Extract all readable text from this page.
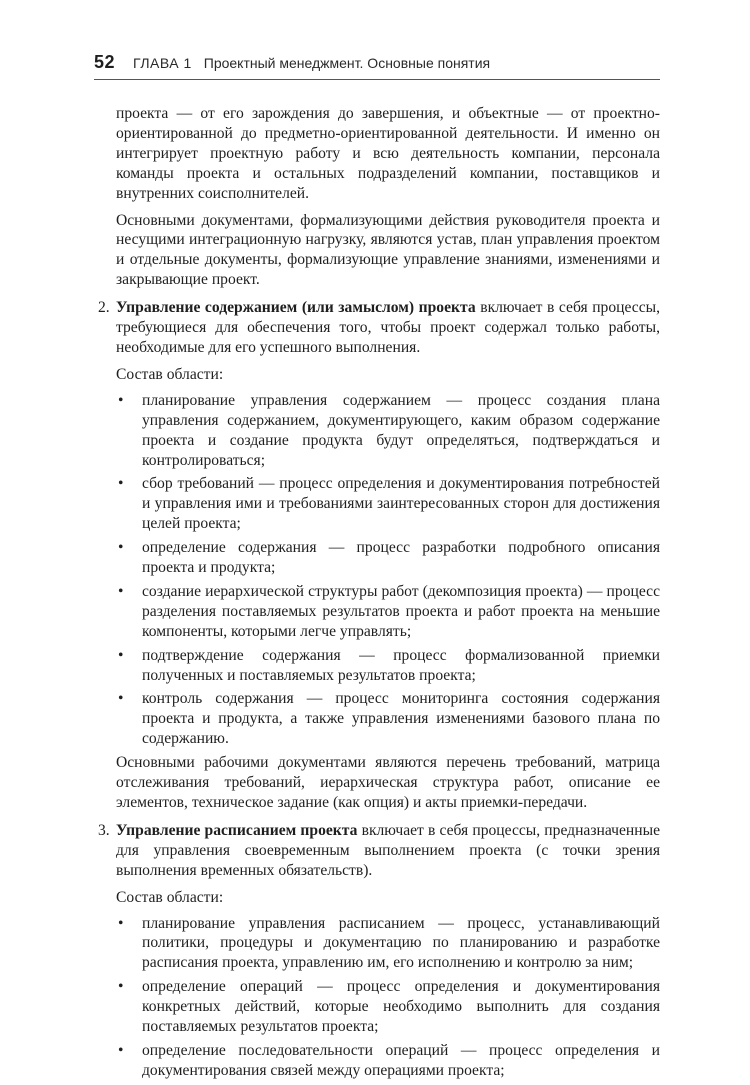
52 ГЛАВА 1 Проектный менеджмент. Основные понятия

проекта — от его зарождения до завершения, и объектные — от проектно-ориентированной до предметно-ориентированной деятельности. И именно он интегрирует проектную работу и всю деятельность компании, персонала команды проекта и остальных подразделений компании, поставщиков и внутренних соисполнителей.

Основными документами, формализующими действия руководителя проекта и несущими интеграционную нагрузку, являются устав, план управления проектом и отдельные документы, формализующие управление знаниями, изменениями и закрывающие проект.

2. Управление содержанием (или замыслом) проекта включает в себя процессы, требующиеся для обеспечения того, чтобы проект содержал только работы, необходимые для его успешного выполнения.

Состав области:

• планирование управления содержанием — процесс создания плана управления содержанием, документирующего, каким образом содержание проекта и создание продукта будут определяться, подтверждаться и контролироваться;
• сбор требований — процесс определения и документирования потребностей и управления ими и требованиями заинтересованных сторон для достижения целей проекта;
• определение содержания — процесс разработки подробного описания проекта и продукта;
• создание иерархической структуры работ (декомпозиция проекта) — процесс разделения поставляемых результатов проекта и работ проекта на меньшие компоненты, которыми легче управлять;
• подтверждение содержания — процесс формализованной приемки полученных и поставляемых результатов проекта;
• контроль содержания — процесс мониторинга состояния содержания проекта и продукта, а также управления изменениями базового плана по содержанию.

Основными рабочими документами являются перечень требований, матрица отслеживания требований, иерархическая структура работ, описание ее элементов, техническое задание (как опция) и акты приемки-передачи.

3. Управление расписанием проекта включает в себя процессы, предназначенные для управления своевременным выполнением проекта (с точки зрения выполнения временных обязательств).

Состав области:

• планирование управления расписанием — процесс, устанавливающий политики, процедуры и документацию по планированию и разработке расписания проекта, управлению им, его исполнению и контролю за ним;
• определение операций — процесс определения и документирования конкретных действий, которые необходимо выполнить для создания поставляемых результатов проекта;
• определение последовательности операций — процесс определения и документирования связей между операциями проекта;
